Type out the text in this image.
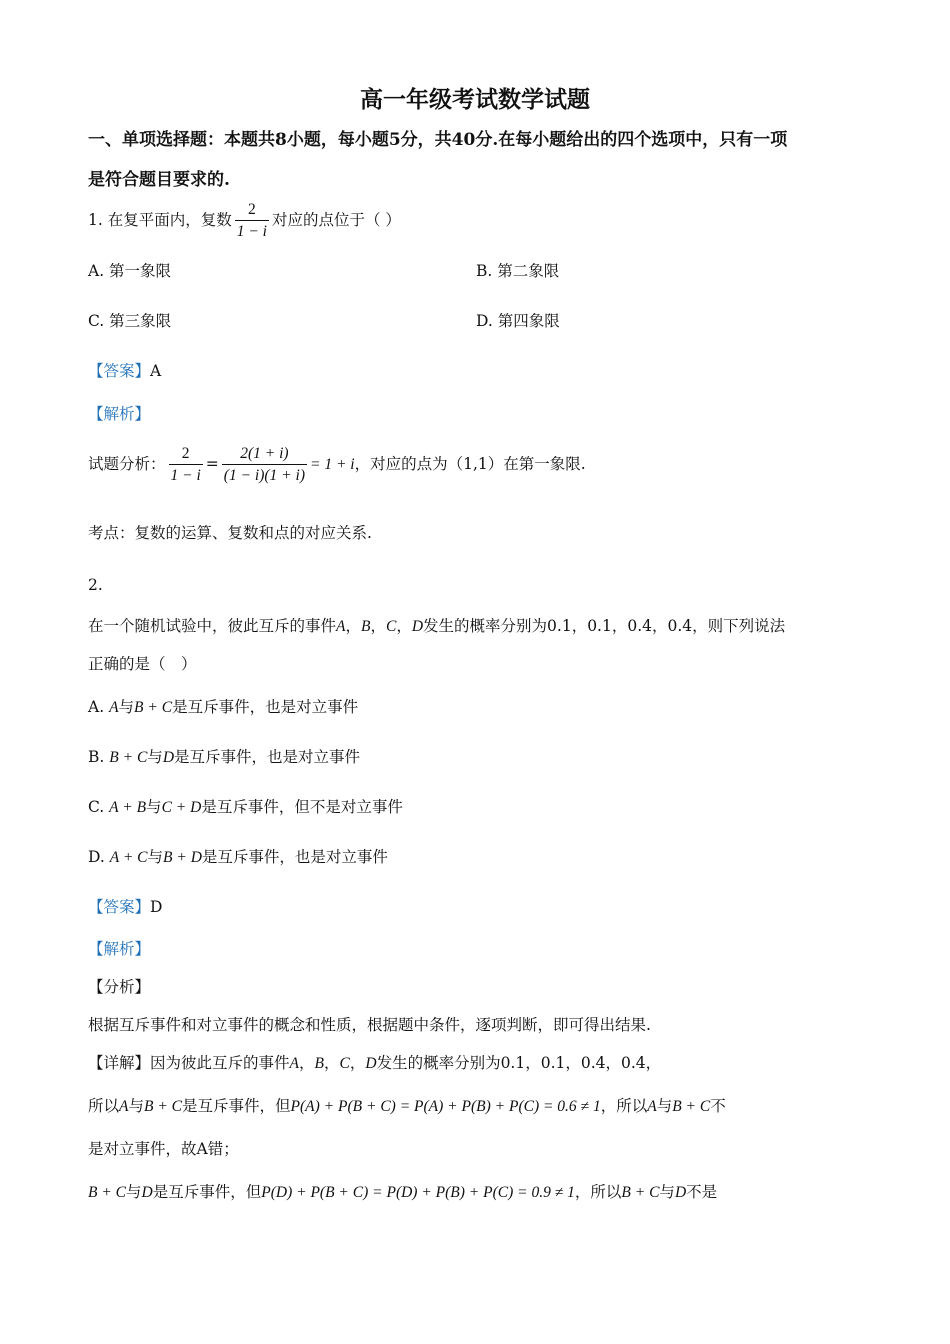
高一年级考试数学试题
一、单项选择题：本题共8小题，每小题5分，共40分.在每小题给出的四个选项中，只有一项
是符合题目要求的.
1. 在复平面内，复数 $\frac{2}{1 - i}$ 对应的点位于（ ）
A. 第一象限	B. 第二象限
C. 第三象限	D. 第四象限
【答案】A
【解析】
试题分析： $\frac{2}{1 - i} = \frac{2(1 + i)}{(1 - i)(1 + i)} = 1 + i$，对应的点为（1,1）在第一象限.
考点：复数的运算、复数和点的对应关系.
2.
在一个随机试验中，彼此互斥的事件A，B，C，D发生的概率分别为0.1，0.1，0.4，0.4，则下列说法
正确的是（　）
A. A与B + C是互斥事件，也是对立事件
B. B + C与D是互斥事件，也是对立事件
C. A + B与C + D是互斥事件，但不是对立事件
D. A + C与B + D是互斥事件，也是对立事件
【答案】D
【解析】
【分析】
根据互斥事件和对立事件的概念和性质，根据题中条件，逐项判断，即可得出结果.
【详解】因为彼此互斥的事件A，B，C，D发生的概率分别为0.1，0.1，0.4，0.4，
所以A与B + C是互斥事件，但P(A) + P(B + C) = P(A) + P(B) + P(C) = 0.6 ≠ 1，所以A与B + C不
是对立事件，故A错；
B + C与D是互斥事件，但P(D) + P(B + C) = P(D) + P(B) + P(C) = 0.9 ≠ 1，所以B + C与D不是
